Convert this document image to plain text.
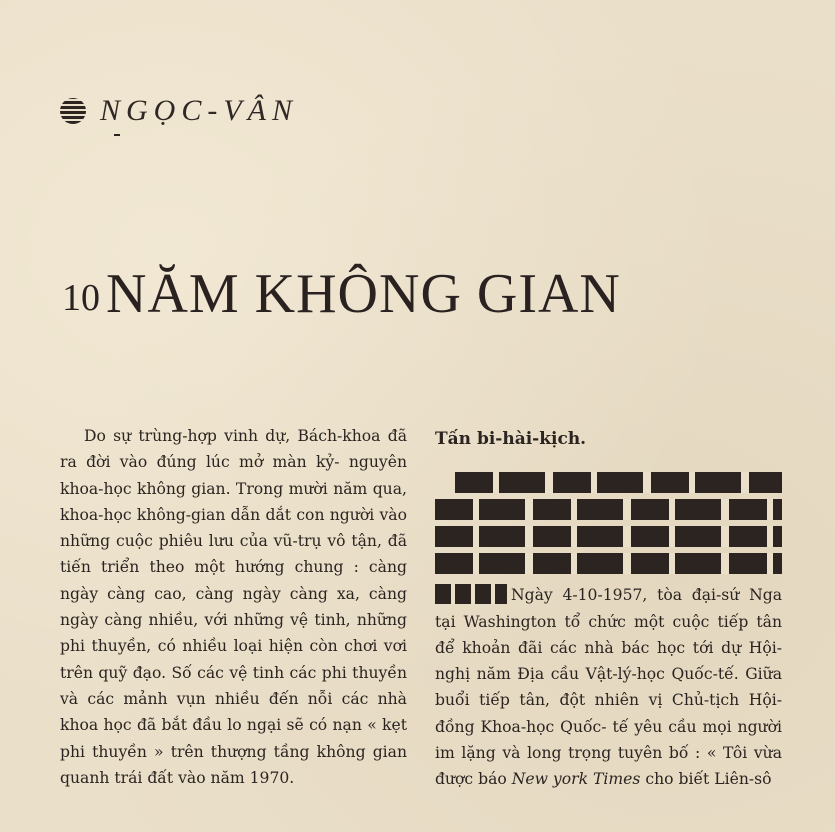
NGỌC-VÂN
10 NĂM KHÔNG GIAN

Do sự trùng-hợp vinh dự, Bách-khoa đã ra đời vào đúng lúc mở màn kỷ- nguyên khoa-học không gian. Trong mười năm qua, khoa-học không-gian dẫn dắt con người vào những cuộc phiêu lưu của vũ-trụ vô tận, đã tiến triển theo một hướng chung : càng ngày càng cao, càng ngày càng xa, càng ngày càng nhiều, với những vệ tinh, những phi thuyền, có nhiều loại hiện còn chơi vơi trên quỹ đạo. Số các vệ tinh các phi thuyền và các mảnh vụn nhiều đến nỗi các nhà khoa học đã bắt đầu lo ngại sẽ có nạn « kẹt phi thuyền » trên thượng tầng không gian quanh trái đất vào năm 1970.

Tấn bi-hài-kịch.

Ngày 4-10-1957, tòa đại-sứ Nga tại Washington tổ chức một cuộc tiếp tân để khoản đãi các nhà bác học tới dự Hội-nghị năm Địa cầu Vật-lý-học Quốc-tế. Giữa buổi tiếp tân, đột nhiên vị Chủ-tịch Hội-đồng Khoa-học Quốc- tế yêu cầu mọi người im lặng và long trọng tuyên bố : « Tôi vừa được báo New york Times cho biết Liên-sô
